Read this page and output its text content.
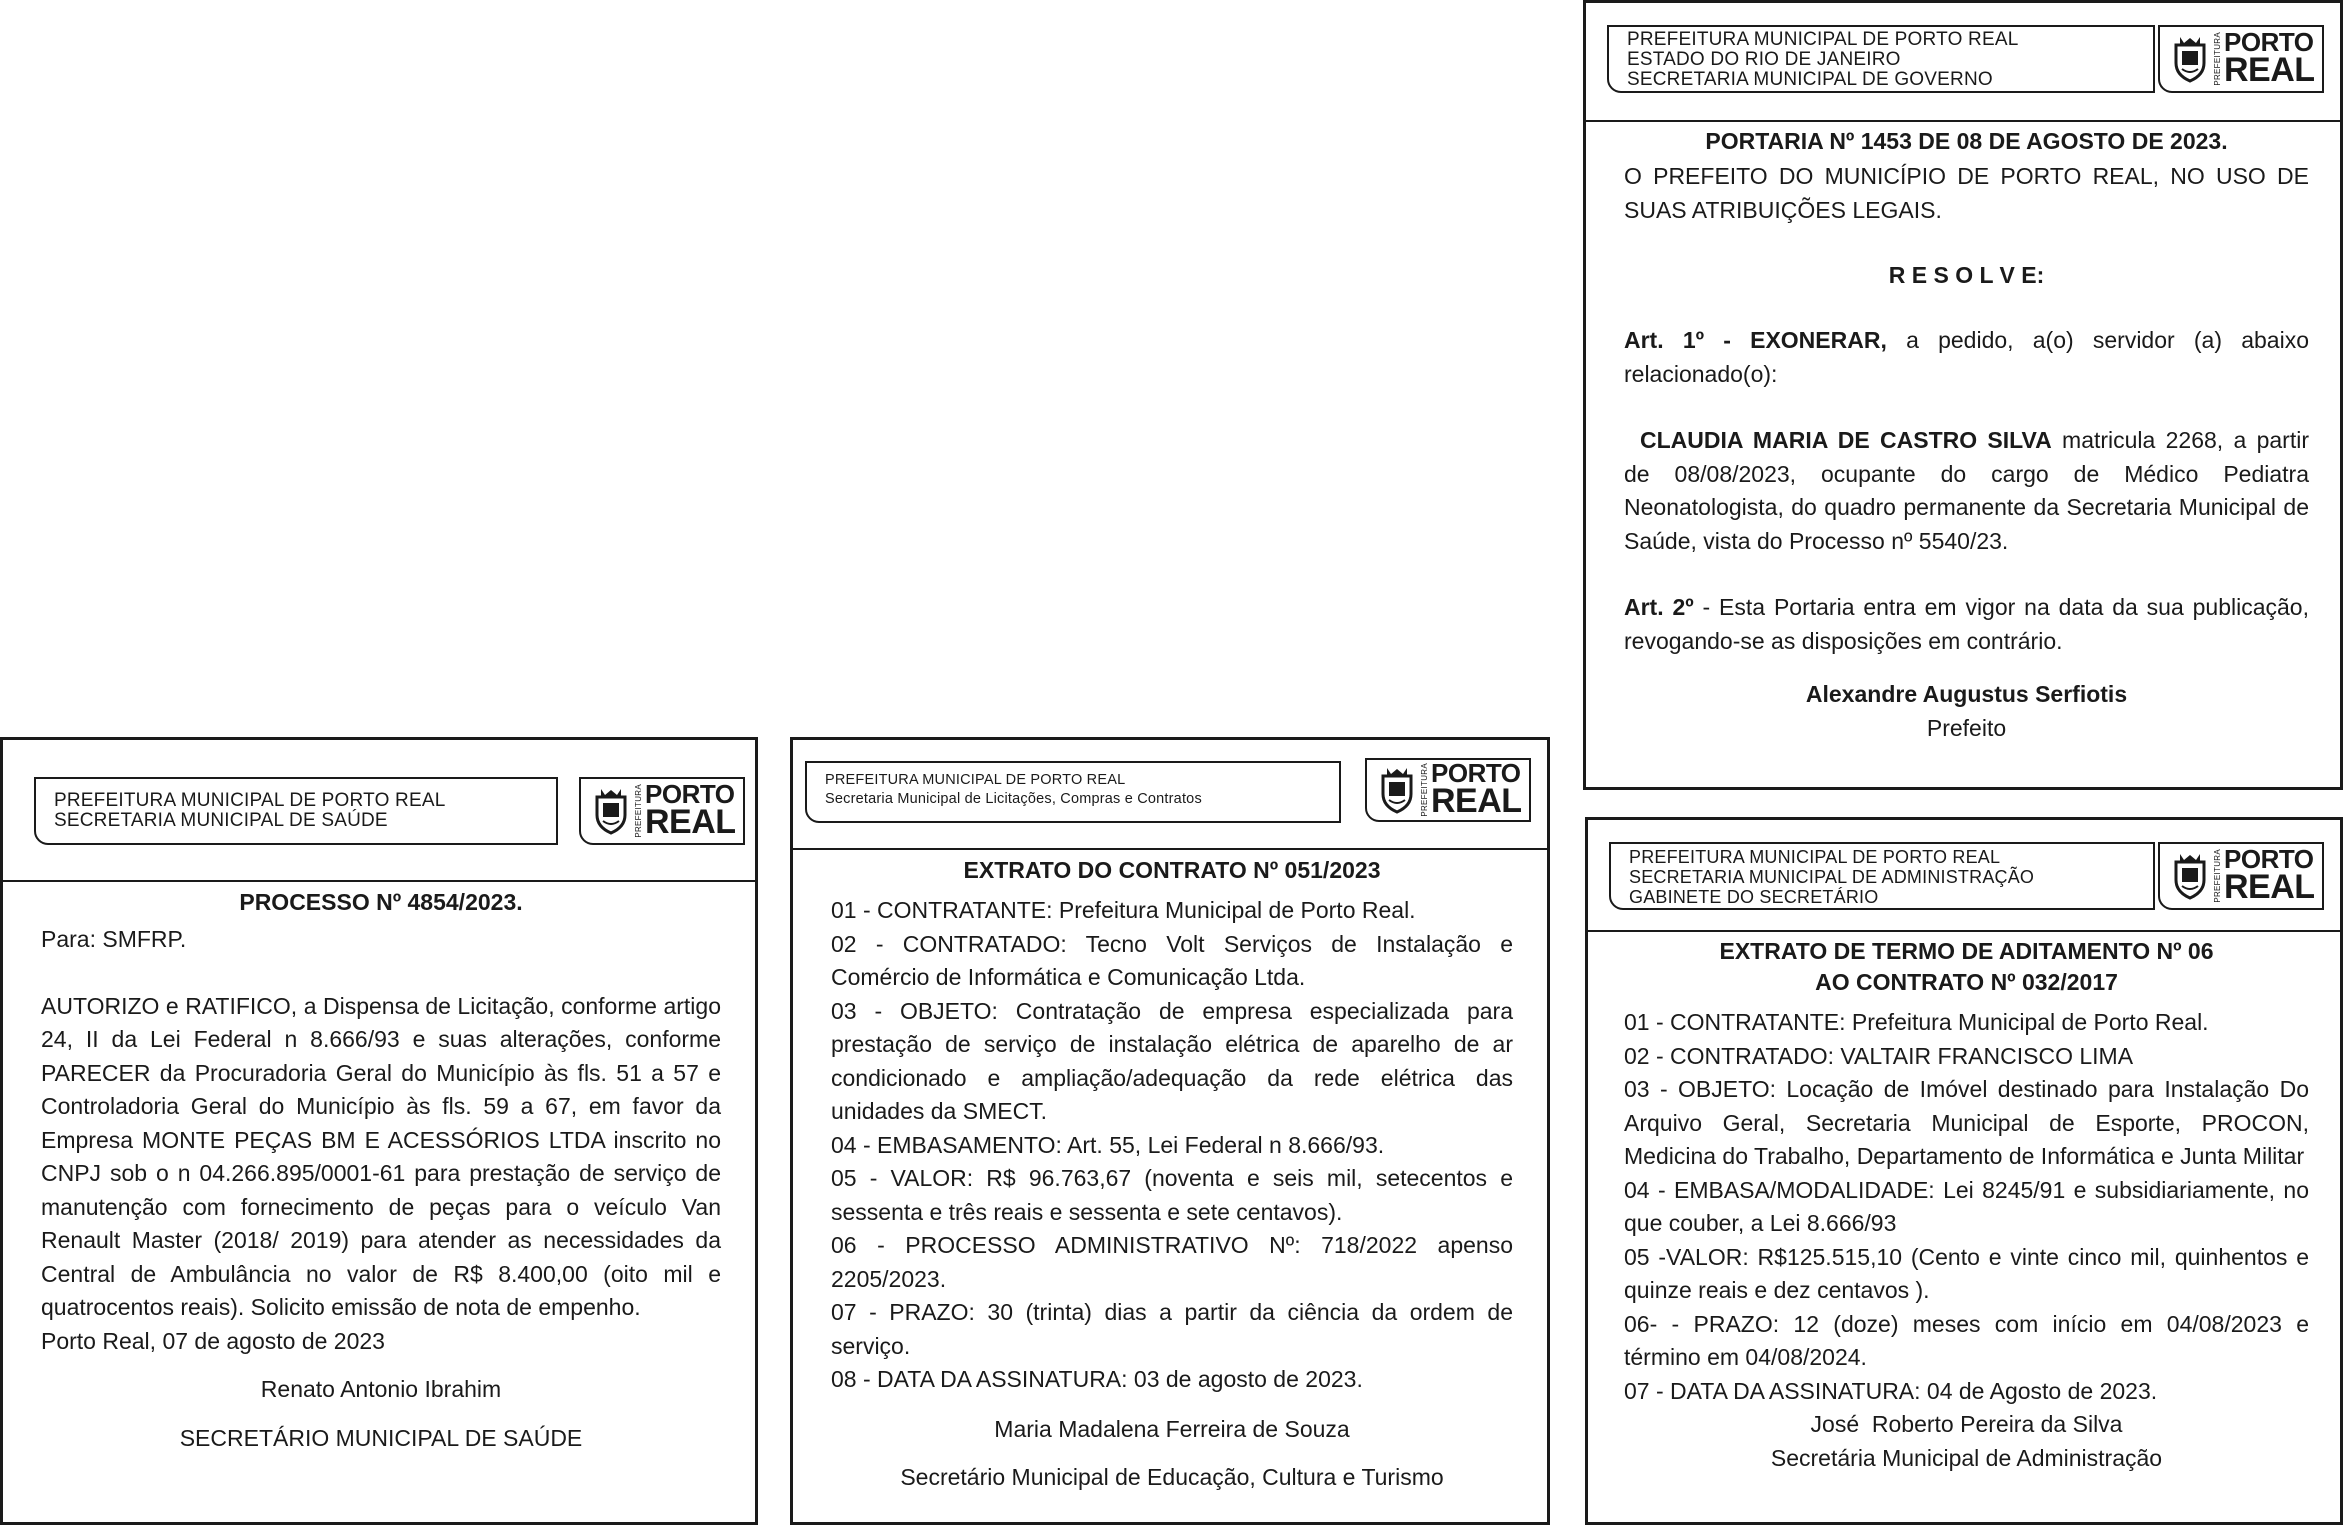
PREFEITURA MUNICIPAL DE PORTO REAL
ESTADO DO RIO DE JANEIRO
SECRETARIA MUNICIPAL DE GOVERNO	PREFEITURA PORTO
REAL

PORTARIA Nº 1453 DE 08 DE AGOSTO DE 2023.

O PREFEITO DO MUNICÍPIO DE PORTO REAL, NO USO DE SUAS ATRIBUIÇÕES LEGAIS.

R E S O L V E:

Art. 1º - EXONERAR, a pedido, a(o) servidor (a) abaixo relacionado(o):

CLAUDIA MARIA DE CASTRO SILVA matricula 2268, a partir de 08/08/2023, ocupante do cargo de Médico Pediatra Neonatologista, do quadro permanente da Secretaria Municipal de Saúde, vista do Processo nº 5540/23.

Art. 2º - Esta Portaria entra em vigor na data da sua publicação, revogando-se as disposições em contrário.

Alexandre Augustus Serfiotis

Prefeito

PREFEITURA MUNICIPAL DE PORTO REAL
SECRETARIA MUNICIPAL DE SAÚDE	PREFEITURA PORTO
REAL

PROCESSO Nº 4854/2023.

Para: SMFRP.

AUTORIZO e RATIFICO, a Dispensa de Licitação, conforme artigo 24, II da Lei Federal n 8.666/93 e suas alterações, conforme PARECER da Procuradoria Geral do Município às fls. 51 a 57 e Controladoria Geral do Município às fls. 59 a 67, em favor da Empresa MONTE PEÇAS BM E ACESSÓRIOS LTDA inscrito no CNPJ sob o n 04.266.895/0001-61 para prestação de serviço de manutenção com fornecimento de peças para o veículo Van Renault Master (2018/ 2019) para atender as necessidades da Central de Ambulância no valor de R$ 8.400,00 (oito mil e quatrocentos reais). Solicito emissão de nota de empenho.

Porto Real, 07 de agosto de 2023

Renato Antonio Ibrahim

SECRETÁRIO MUNICIPAL DE SAÚDE

PREFEITURA MUNICIPAL DE PORTO REAL
Secretaria Municipal de Licitações, Compras e Contratos	PREFEITURA PORTO
REAL

EXTRATO DO CONTRATO Nº 051/2023

01 - CONTRATANTE: Prefeitura Municipal de Porto Real.

02 - CONTRATADO: Tecno Volt Serviços de Instalação e Comércio de Informática e Comunicação Ltda.

03 - OBJETO: Contratação de empresa especializada para prestação de serviço de instalação elétrica de aparelho de ar condicionado e ampliação/adequação da rede elétrica das unidades da SMECT.

04 - EMBASAMENTO: Art. 55, Lei Federal n 8.666/93.

05 - VALOR: R$ 96.763,67 (noventa e seis mil, setecentos e sessenta e três reais e sessenta e sete centavos).

06 - PROCESSO ADMINISTRATIVO Nº: 718/2022 apenso 2205/2023.

07 - PRAZO: 30 (trinta) dias a partir da ciência da ordem de serviço.

08 - DATA DA ASSINATURA: 03 de agosto de 2023.

Maria Madalena Ferreira de Souza

Secretário Municipal de Educação, Cultura e Turismo

PREFEITURA MUNICIPAL DE PORTO REAL
SECRETARIA MUNICIPAL DE ADMINISTRAÇÃO
GABINETE DO SECRETÁRIO	PREFEITURA PORTO
REAL

EXTRATO DE TERMO DE ADITAMENTO Nº 06

AO CONTRATO Nº 032/2017

01 - CONTRATANTE: Prefeitura Municipal de Porto Real.

02 - CONTRATADO: VALTAIR FRANCISCO LIMA

03 - OBJETO: Locação de Imóvel destinado para Instalação Do Arquivo Geral, Secretaria Municipal de Esporte, PROCON, Medicina do Trabalho, Departamento de Informática e Junta Militar

04 - EMBASA/MODALIDADE: Lei 8245/91 e subsidiariamente, no que couber, a Lei 8.666/93

05 -VALOR: R$125.515,10 (Cento e vinte cinco mil, quinhentos e quinze reais e dez centavos ).

06- - PRAZO: 12 (doze) meses com início em 04/08/2023 e término em 04/08/2024.

07 - DATA DA ASSINATURA: 04 de Agosto de 2023.

José  Roberto Pereira da Silva

Secretária Municipal de Administração
